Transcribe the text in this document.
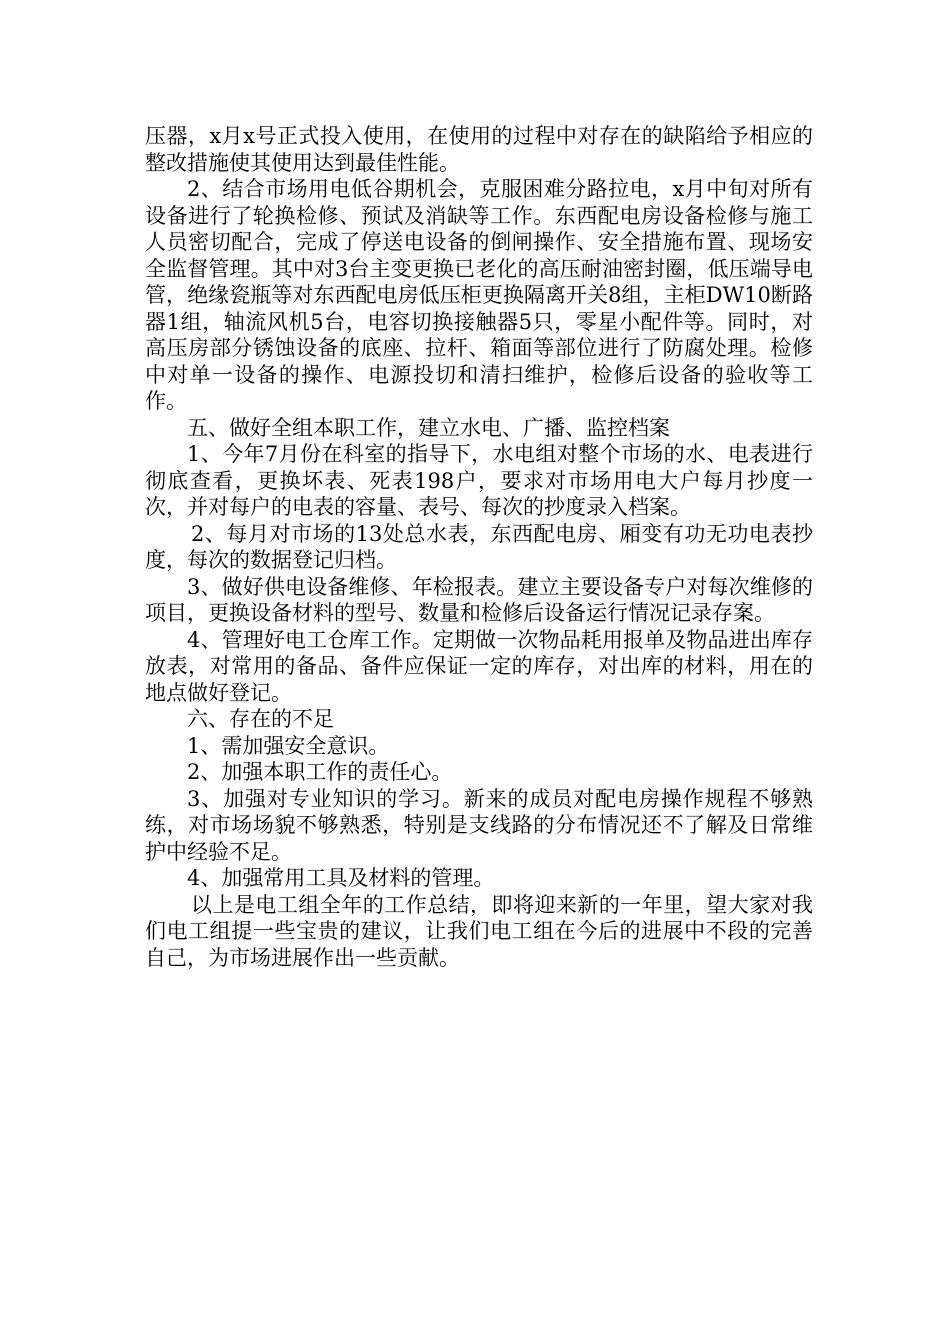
压器，x月x号正式投入使用，在使用的过程中对存在的缺陷给予相应的整改措施使其使用达到最佳性能。

2、结合市场用电低谷期机会，克服困难分路拉电，x月中旬对所有设备进行了轮换检修、预试及消缺等工作。东西配电房设备检修与施工人员密切配合，完成了停送电设备的倒闸操作、安全措施布置、现场安全监督管理。其中对3台主变更换已老化的高压耐油密封圈，低压端导电管，绝缘瓷瓶等对东西配电房低压柜更换隔离开关8组，主柜DW10断路器1组，轴流风机5台，电容切换接触器5只，零星小配件等。同时，对高压房部分锈蚀设备的底座、拉杆、箱面等部位进行了防腐处理。检修中对单一设备的操作、电源投切和清扫维护，检修后设备的验收等工作。

五、做好全组本职工作，建立水电、广播、监控档案

1、今年7月份在科室的指导下，水电组对整个市场的水、电表进行彻底查看，更换坏表、死表198户，要求对市场用电大户每月抄度一次，并对每户的电表的容量、表号、每次的抄度录入档案。

2、每月对市场的13处总水表，东西配电房、厢变有功无功电表抄度，每次的数据登记归档。

3、做好供电设备维修、年检报表。建立主要设备专户对每次维修的项目，更换设备材料的型号、数量和检修后设备运行情况记录存案。

4、管理好电工仓库工作。定期做一次物品耗用报单及物品进出库存放表，对常用的备品、备件应保证一定的库存，对出库的材料，用在的地点做好登记。

六、存在的不足

1、需加强安全意识。

2、加强本职工作的责任心。

3、加强对专业知识的学习。新来的成员对配电房操作规程不够熟练，对市场场貌不够熟悉，特别是支线路的分布情况还不了解及日常维护中经验不足。

4、加强常用工具及材料的管理。

以上是电工组全年的工作总结，即将迎来新的一年里，望大家对我们电工组提一些宝贵的建议，让我们电工组在今后的进展中不段的完善自己，为市场进展作出一些贡献。
